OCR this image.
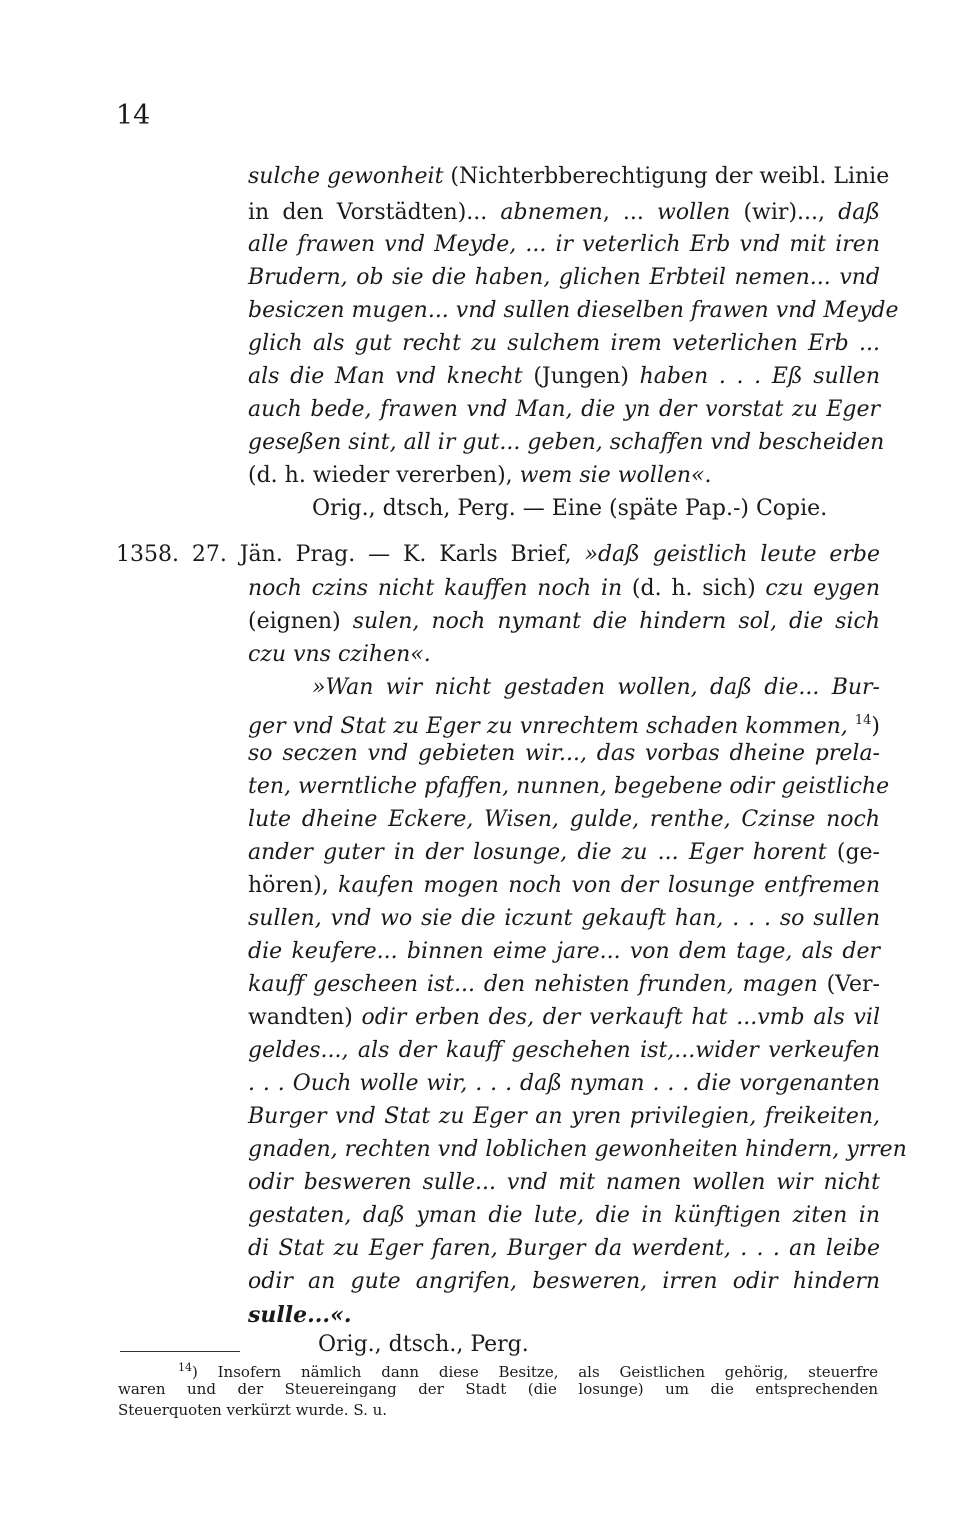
14
sulche gewonheit (Nichterbberechtigung der weibl. Linie
in den Vorstädten)... abnemen, ... wollen (wir)..., daß
alle frawen vnd Meyde, ... ir veterlich Erb vnd mit iren
Brudern, ob sie die haben, glichen Erbteil nemen... vnd
besiczen mugen... vnd sullen dieselben frawen vnd Meyde
glich als gut recht zu sulchem irem veterlichen Erb ...
als die Man vnd knecht (Jungen) haben . . . Eß sullen
auch bede, frawen vnd Man, die yn der vorstat zu Eger
geseßen sint, all ir gut... geben, schaffen vnd bescheiden
(d. h. wieder vererben), wem sie wollen«.
Orig., dtsch, Perg. — Eine (späte Pap.-) Copie.
1358. 27. Jän. Prag. — K. Karls Brief, »daß geistlich leute erbe
noch czins nicht kauffen noch in (d. h. sich) czu eygen
(eignen) sulen, noch nymant die hindern sol, die sich
czu vns czihen«.
»Wan wir nicht gestaden wollen, daß die... Bur-
ger vnd Stat zu Eger zu vnrechtem schaden kommen, $^{14}$)
so seczen vnd gebieten wir..., das vorbas dheine prela-
ten, werntliche pfaffen, nunnen, begebene odir geistliche
lute dheine Eckere, Wisen, gulde, renthe, Czinse noch
ander guter in der losunge, die zu ... Eger horent (ge-
hören), kaufen mogen noch von der losunge entfremen
sullen, vnd wo sie die iczunt gekauft han, . . . so sullen
die keufere... binnen eime jare... von dem tage, als der
kauff gescheen ist... den nehisten frunden, magen (Ver-
wandten) odir erben des, der verkauft hat ...vmb als vil
geldes..., als der kauff geschehen ist,...wider verkeufen
. . . Ouch wolle wir, . . . daß nyman . . . die vorgenanten
Burger vnd Stat zu Eger an yren privilegien, freikeiten,
gnaden, rechten vnd loblichen gewonheiten hindern, yrren
odir besweren sulle... vnd mit namen wollen wir nicht
gestaten, daß yman die lute, die in künftigen ziten in
di Stat zu Eger faren, Burger da werdent, . . . an leibe
odir an gute angrifen, besweren, irren odir hindern
sulle...«.
Orig., dtsch., Perg.
$^{14}$) Insofern nämlich dann diese Besitze, als Geistlichen gehörig, steuerfre
waren und der Steuereingang der Stadt (die losunge) um die entsprechenden
Steuerquoten verkürzt wurde. S. u.
